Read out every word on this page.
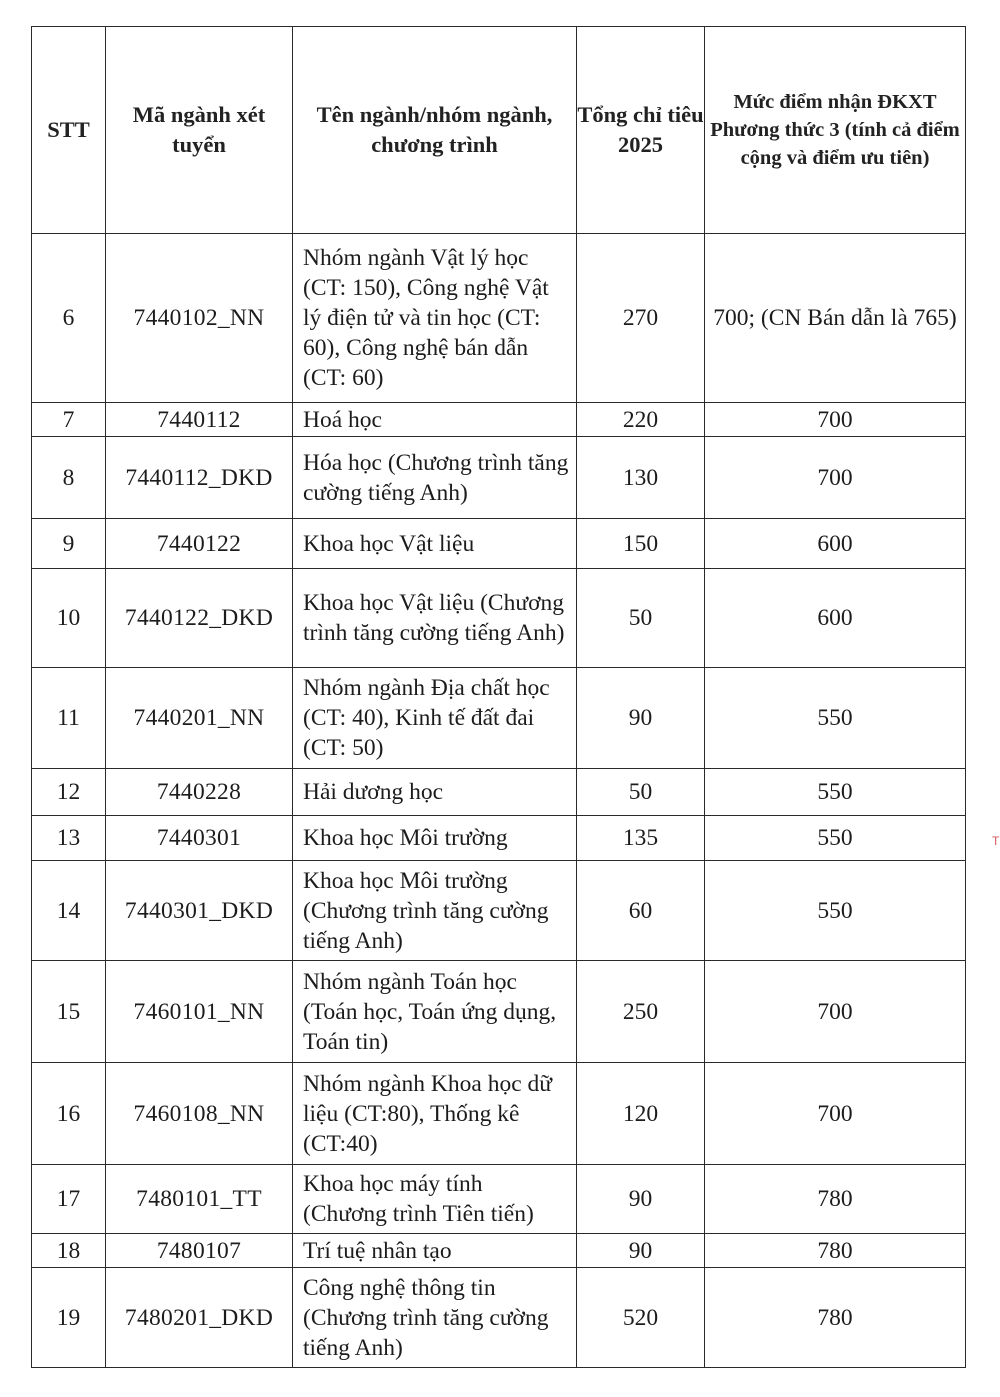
STT	Mã ngành xét tuyển	Tên ngành/nhóm ngành, chương trình	Tổng chỉ tiêu 2025	Mức điểm nhận ĐKXT Phương thức 3 (tính cả điểm cộng và điểm ưu tiên)
6	7440102_NN	Nhóm ngành Vật lý học (CT: 150), Công nghệ Vật lý điện tử và tin học (CT: 60), Công nghệ bán dẫn (CT: 60)	270	700; (CN Bán dẫn là 765)
7	7440112	Hoá học	220	700
8	7440112_DKD	Hóa học (Chương trình tăng cường tiếng Anh)	130	700
9	7440122	Khoa học Vật liệu	150	600
10	7440122_DKD	Khoa học Vật liệu (Chương trình tăng cường tiếng Anh)	50	600
11	7440201_NN	Nhóm ngành Địa chất học (CT: 40), Kinh tế đất đai (CT: 50)	90	550
12	7440228	Hải dương học	50	550
13	7440301	Khoa học Môi trường	135	550
14	7440301_DKD	Khoa học Môi trường (Chương trình tăng cường tiếng Anh)	60	550
15	7460101_NN	Nhóm ngành Toán học (Toán học, Toán ứng dụng, Toán tin)	250	700
16	7460108_NN	Nhóm ngành Khoa học dữ liệu (CT:80), Thống kê (CT:40)	120	700
17	7480101_TT	Khoa học máy tính (Chương trình Tiên tiến)	90	780
18	7480107	Trí tuệ nhân tạo	90	780
19	7480201_DKD	Công nghệ thông tin (Chương trình tăng cường tiếng Anh)	520	780
T
